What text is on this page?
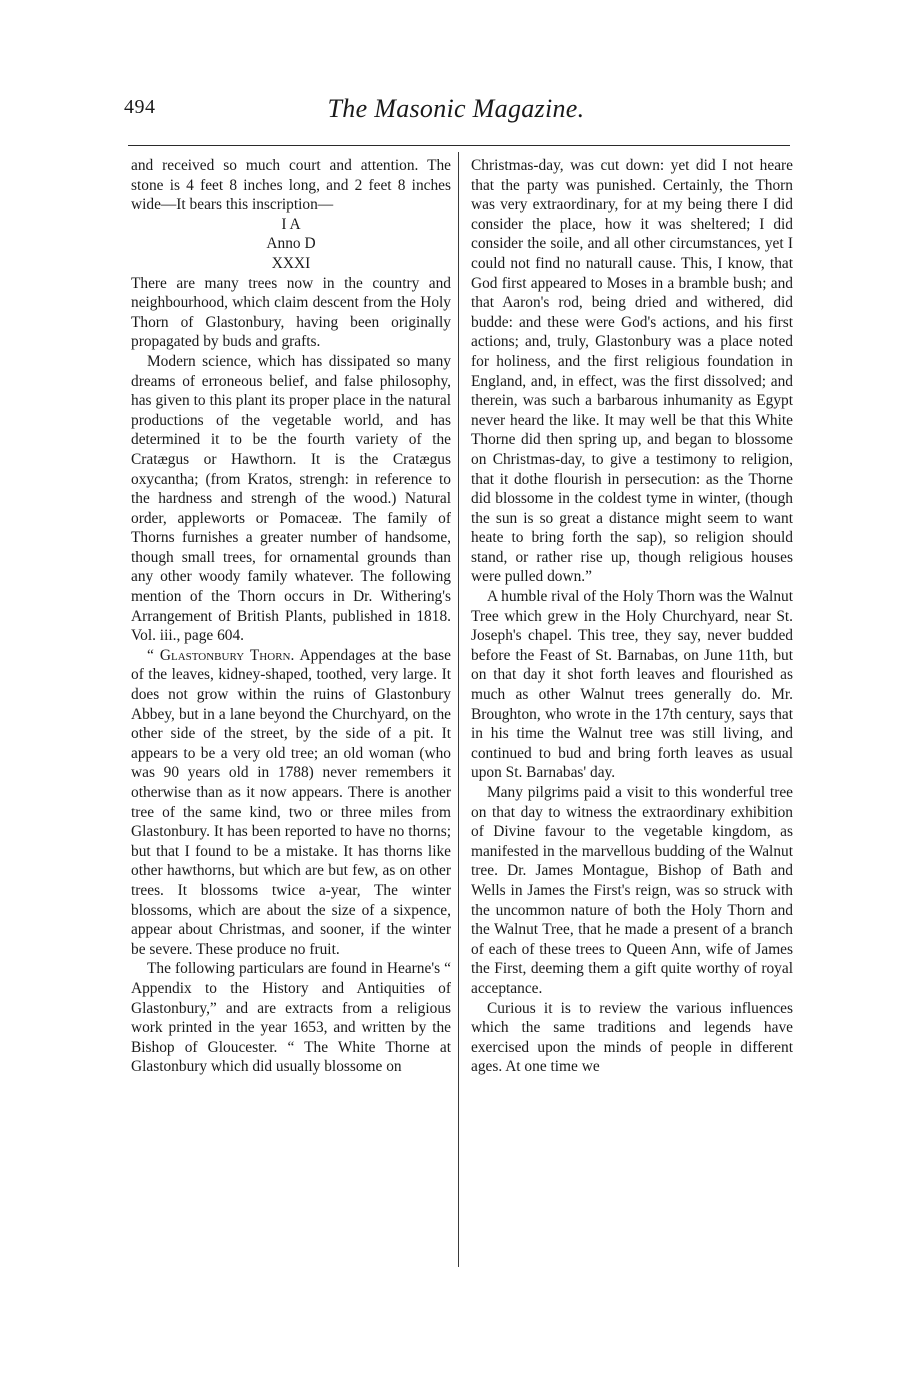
494	The Masonic Magazine.

and received so much court and attention. The stone is 4 feet 8 inches long, and 2 feet 8 inches wide—It bears this inscription—

I A
Anno D
XXXI

There are many trees now in the country and neighbourhood, which claim descent from the Holy Thorn of Glastonbury, having been originally propagated by buds and grafts.

Modern science, which has dissipated so many dreams of erroneous belief, and false philosophy, has given to this plant its proper place in the natural productions of the vegetable world, and has determined it to be the fourth variety of the Cratægus or Hawthorn. It is the Cratægus oxycantha; (from Kratos, strengh: in reference to the hardness and strengh of the wood.) Natural order, appleworts or Pomaceæ. The family of Thorns furnishes a greater number of handsome, though small trees, for ornamental grounds than any other woody family whatever. The following mention of the Thorn occurs in Dr. Withering's Arrangement of British Plants, published in 1818. Vol. iii., page 604.

“ Glastonbury Thorn. Appendages at the base of the leaves, kidney-shaped, toothed, very large. It does not grow within the ruins of Glastonbury Abbey, but in a lane beyond the Churchyard, on the other side of the street, by the side of a pit. It appears to be a very old tree; an old woman (who was 90 years old in 1788) never remembers it otherwise than as it now appears. There is another tree of the same kind, two or three miles from Glastonbury. It has been reported to have no thorns; but that I found to be a mistake. It has thorns like other hawthorns, but which are but few, as on other trees. It blossoms twice a-year, The winter blossoms, which are about the size of a sixpence, appear about Christmas, and sooner, if the winter be severe. These produce no fruit.

The following particulars are found in Hearne's “ Appendix to the History and Antiquities of Glastonbury,” and are extracts from a religious work printed in the year 1653, and written by the Bishop of Gloucester. “ The White Thorne at Glastonbury which did usually blossome on

Christmas-day, was cut down: yet did I not heare that the party was punished. Certainly, the Thorn was very extraordinary, for at my being there I did consider the place, how it was sheltered; I did consider the soile, and all other circumstances, yet I could not find no naturall cause. This, I know, that God first appeared to Moses in a bramble bush; and that Aaron's rod, being dried and withered, did budde: and these were God's actions, and his first actions; and, truly, Glastonbury was a place noted for holiness, and the first religious foundation in England, and, in effect, was the first dissolved; and therein, was such a barbarous inhumanity as Egypt never heard the like. It may well be that this White Thorne did then spring up, and began to blossome on Christmas-day, to give a testimony to religion, that it dothe flourish in persecution: as the Thorne did blossome in the coldest tyme in winter, (though the sun is so great a distance might seem to want heate to bring forth the sap), so religion should stand, or rather rise up, though religious houses were pulled down.”

A humble rival of the Holy Thorn was the Walnut Tree which grew in the Holy Churchyard, near St. Joseph's chapel. This tree, they say, never budded before the Feast of St. Barnabas, on June 11th, but on that day it shot forth leaves and flourished as much as other Walnut trees generally do. Mr. Broughton, who wrote in the 17th century, says that in his time the Walnut tree was still living, and continued to bud and bring forth leaves as usual upon St. Barnabas' day.

Many pilgrims paid a visit to this wonderful tree on that day to witness the extraordinary exhibition of Divine favour to the vegetable kingdom, as manifested in the marvellous budding of the Walnut tree. Dr. James Montague, Bishop of Bath and Wells in James the First's reign, was so struck with the uncommon nature of both the Holy Thorn and the Walnut Tree, that he made a present of a branch of each of these trees to Queen Ann, wife of James the First, deeming them a gift quite worthy of royal acceptance.

Curious it is to review the various influences which the same traditions and legends have exercised upon the minds of people in different ages. At one time we
